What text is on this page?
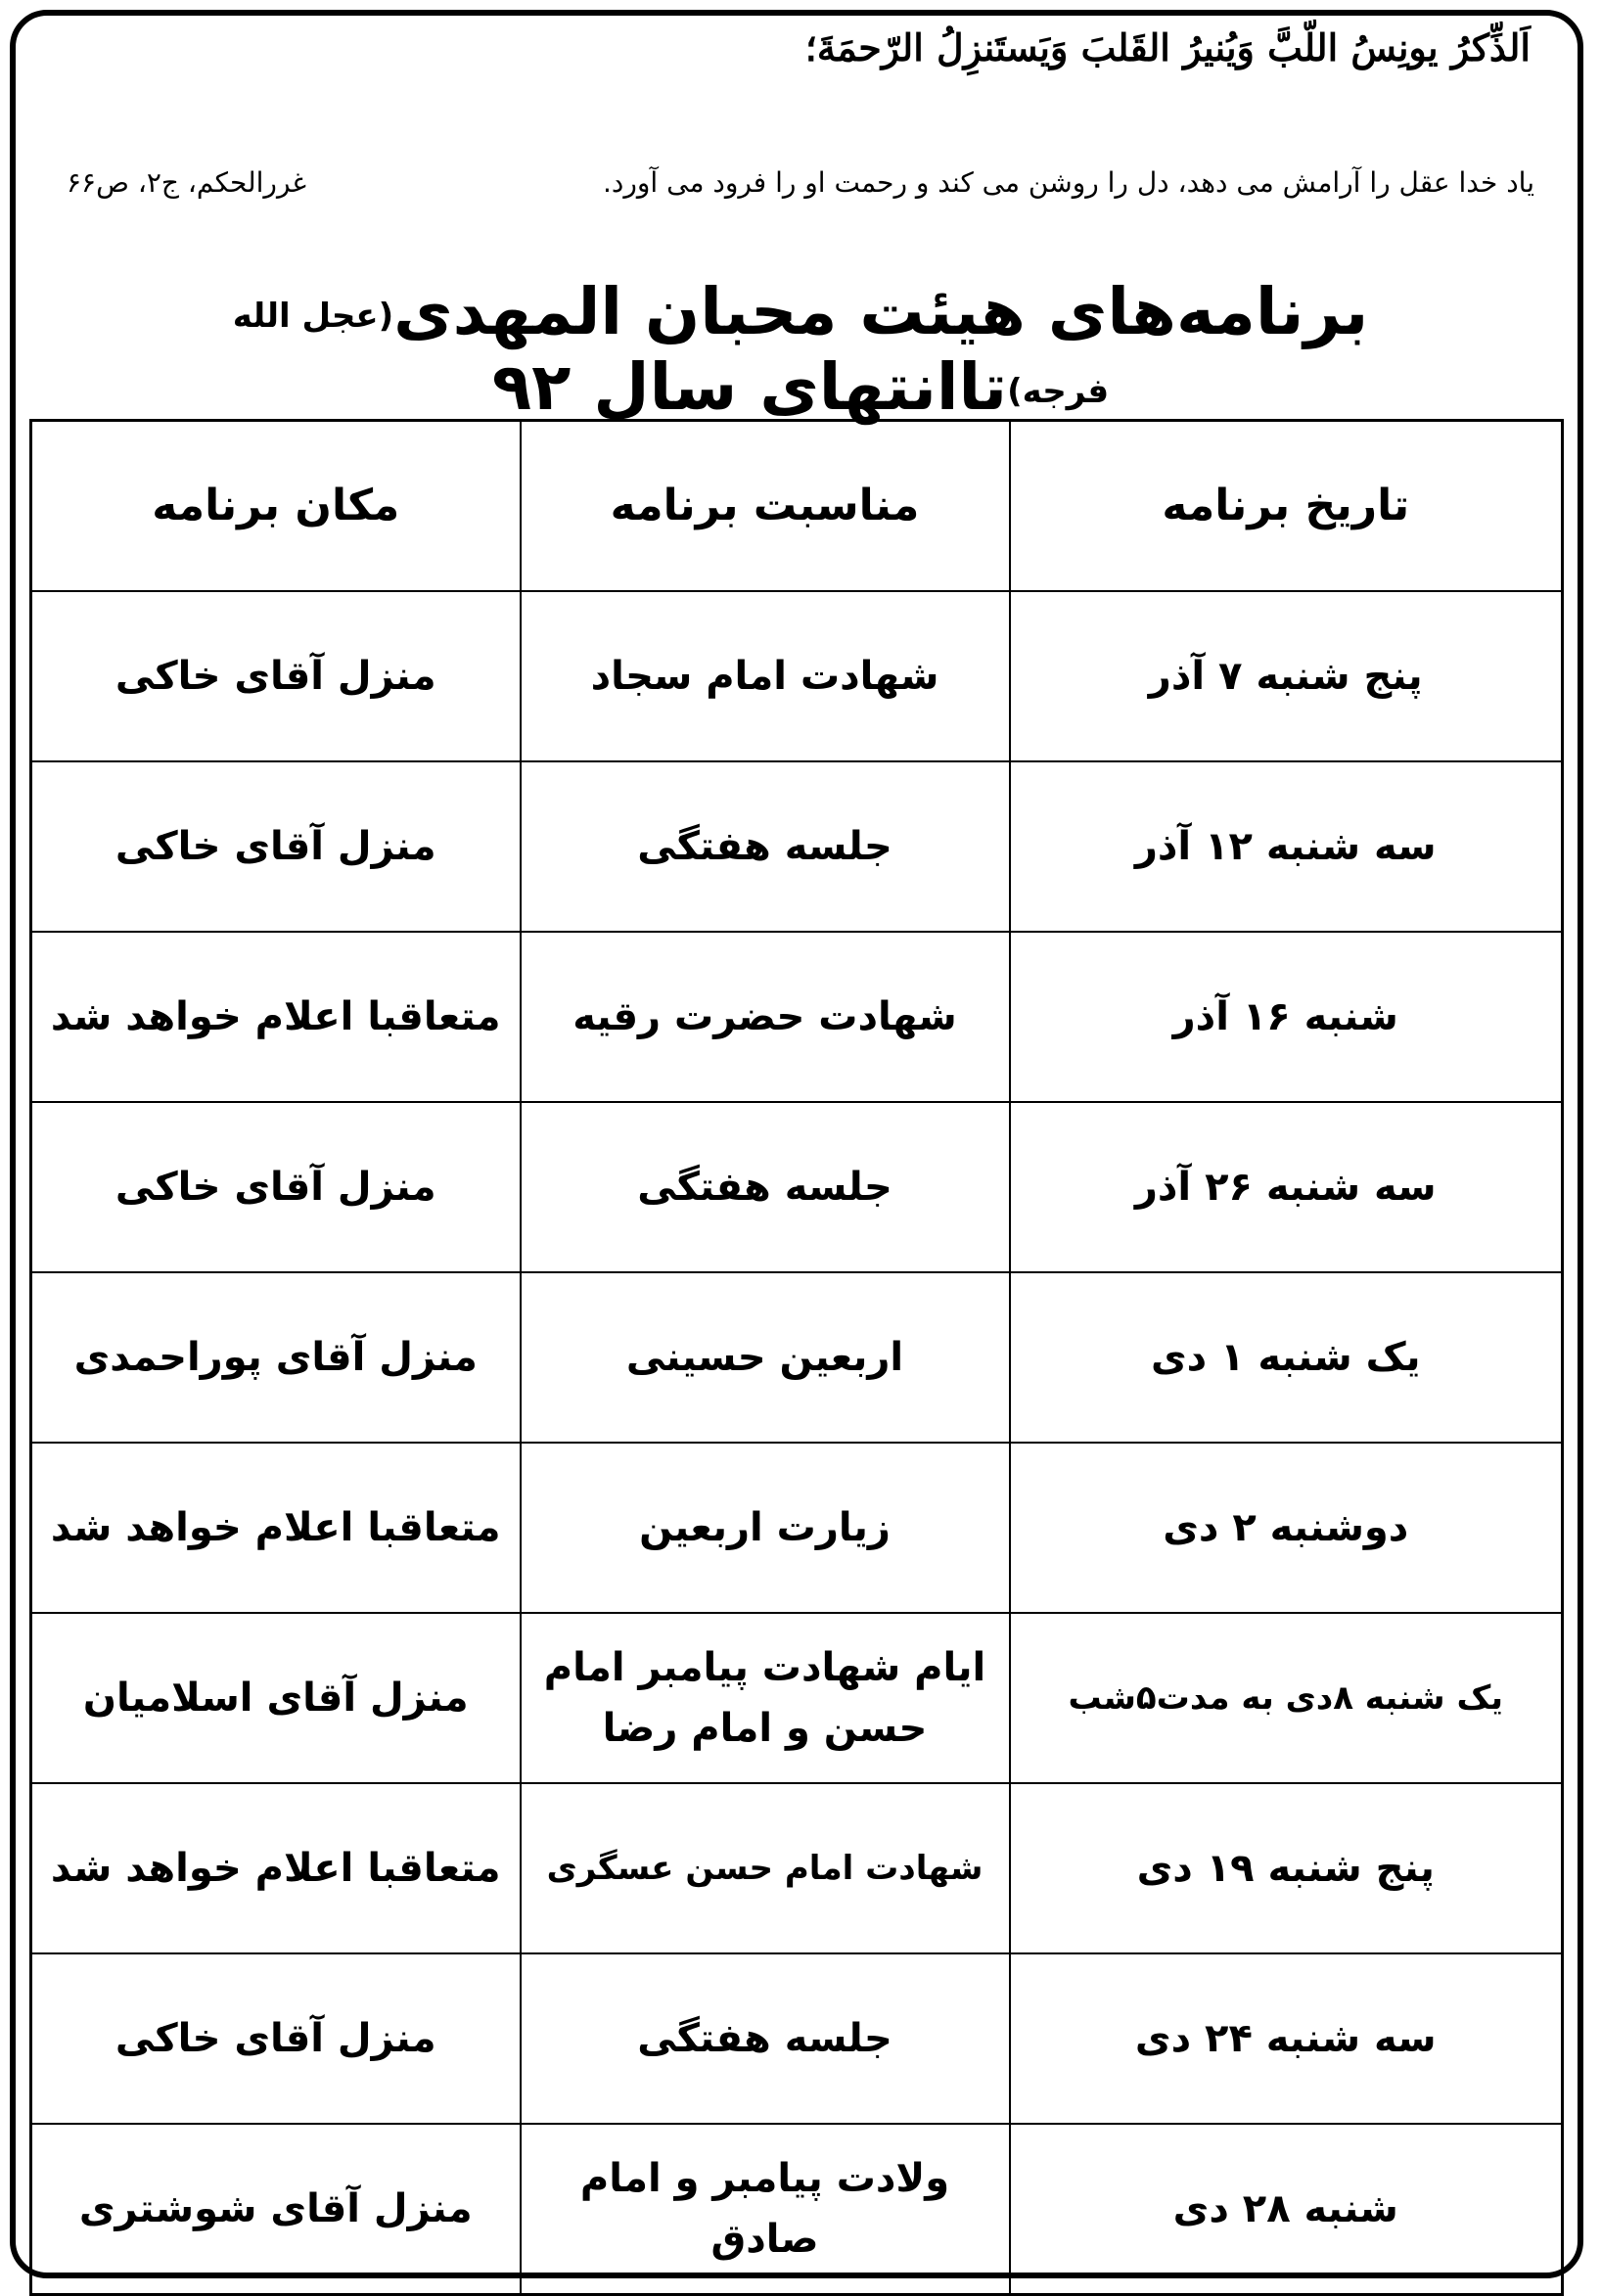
اَلذِّكرُ يونِسُ اللّبَّ وَيُنيرُ القَلبَ وَيَستَنزِلُ الرّحمَةَ؛
یاد خدا عقل را آرامش می دهد، دل را روشن می کند و رحمت او را فرود می آورد.
غررالحکم، ج۲، ص۶۶
برنامه‌های هیئت محبان المهدی(عجل الله فرجه)تاانتهای سال ۹۲
تاریخ برنامه	مناسبت برنامه	مکان برنامه
پنج شنبه ۷ آذر	شهادت امام سجاد	منزل آقای خاکی
سه شنبه ۱۲ آذر	جلسه هفتگی	منزل آقای خاکی
شنبه ۱۶ آذر	شهادت حضرت رقیه	متعاقبا اعلام خواهد شد
سه شنبه ۲۶ آذر	جلسه هفتگی	منزل آقای خاکی
یک شنبه ۱ دی	اربعین حسینی	منزل آقای پوراحمدی
دوشنبه ۲ دی	زیارت اربعین	متعاقبا اعلام خواهد شد
یک شنبه ۸دی به مدت۵شب	ایام شهادت پیامبر امام حسن و امام رضا	منزل آقای اسلامیان
پنج شنبه ۱۹ دی	شهادت امام حسن عسگری	متعاقبا اعلام خواهد شد
سه شنبه ۲۴ دی	جلسه هفتگی	منزل آقای خاکی
شنبه ۲۸ دی	ولادت پیامبر و امام صادق	منزل آقای شوشتری
